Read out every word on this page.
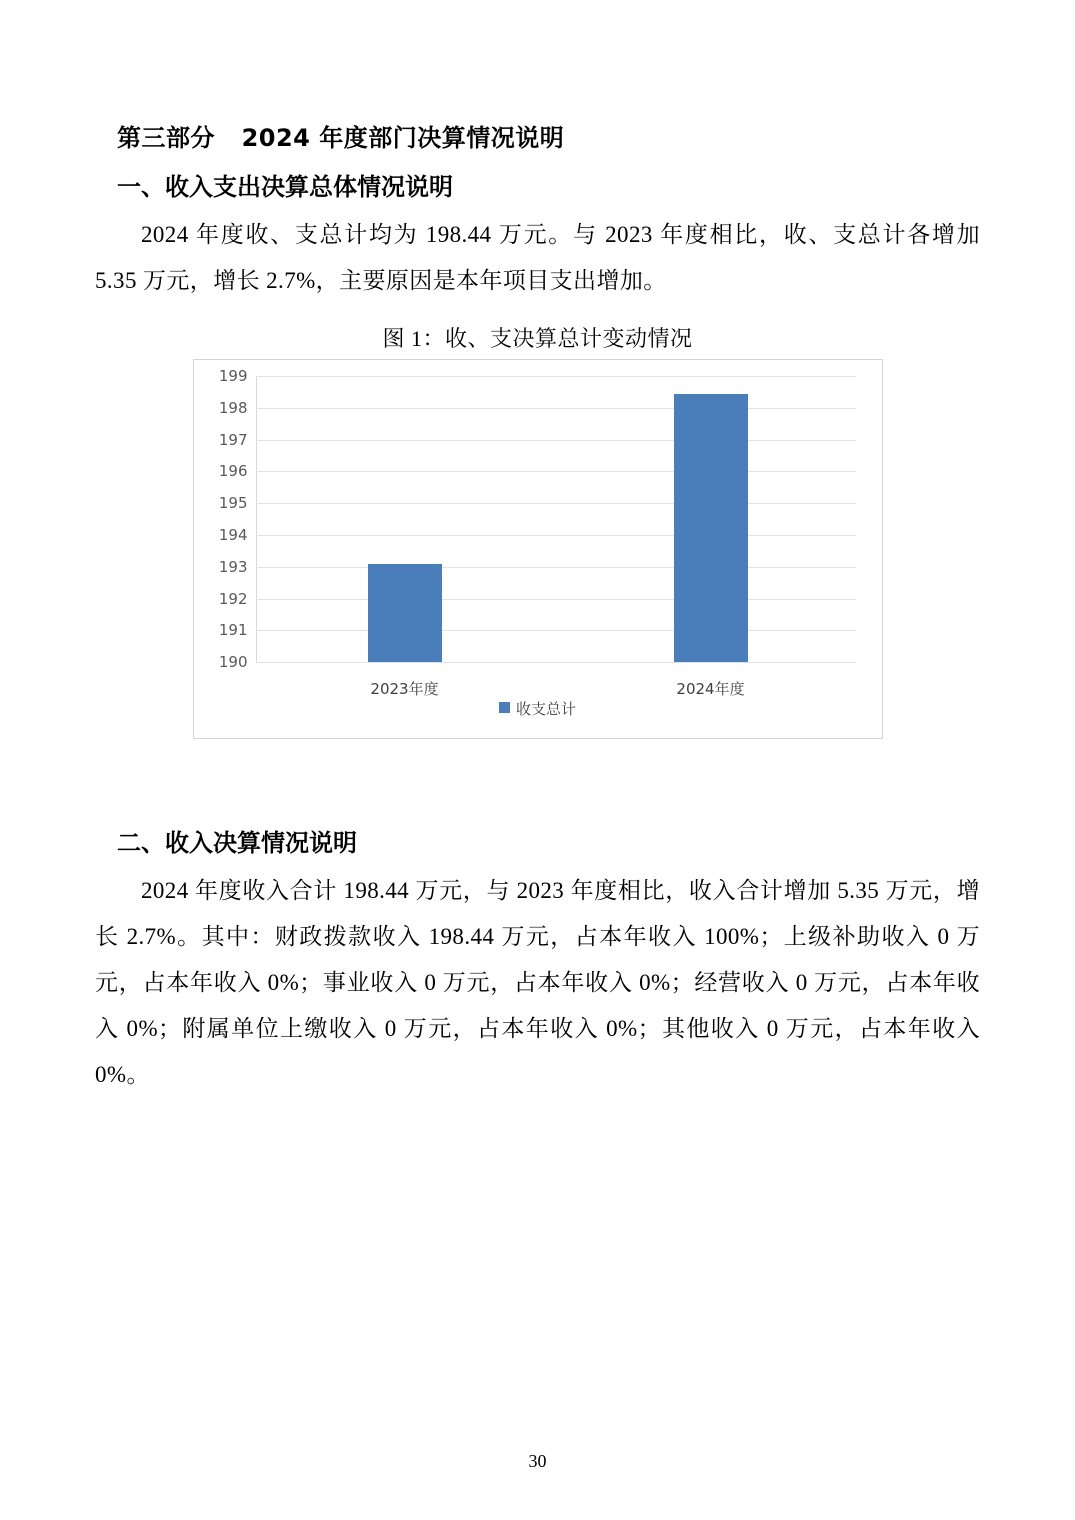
第三部分   2024 年度部门决算情况说明
一、收入支出决算总体情况说明

2024 年度收、支总计均为 198.44 万元。与 2023 年度相比，收、支总计各增加 5.35 万元，增长 2.7%，主要原因是本年项目支出增加。

图 1：收、支决算总计变动情况
199
198
197
196
195
194
193
192
191
190
2023年度	2024年度
收支总计
二、收入决算情况说明

2024 年度收入合计 198.44 万元，与 2023 年度相比，收入合计增加 5.35 万元，增长 2.7%。其中：财政拨款收入 198.44 万元，占本年收入 100%；上级补助收入 0 万元，占本年收入 0%；事业收入 0 万元，占本年收入 0%；经营收入 0 万元，占本年收入 0%；附属单位上缴收入 0 万元，占本年收入 0%；其他收入 0 万元，占本年收入 0%。

30
